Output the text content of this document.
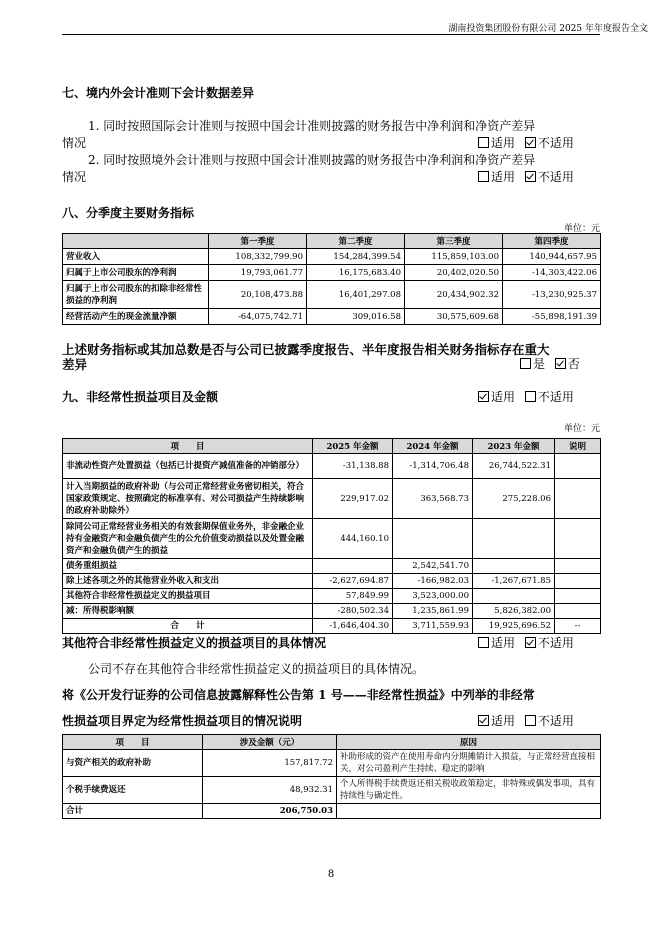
湖南投资集团股份有限公司 2025 年年度报告全文
七、境内外会计准则下会计数据差异
1. 同时按照国际会计准则与按照中国会计准则披露的财务报告中净利润和净资产差异
情况	适用 不适用
2. 同时按照境外会计准则与按照中国会计准则披露的财务报告中净利润和净资产差异
情况	适用 不适用
八、分季度主要财务指标
单位：元
	第一季度	第二季度	第三季度	第四季度
营业收入	108,332,799.90	154,284,399.54	115,859,103.00	140,944,657.95
归属于上市公司股东的净利润	19,793,061.77	16,175,683.40	20,402,020.50	-14,303,422.06
归属于上市公司股东的扣除非经常性损益的净利润	20,108,473.88	16,401,297.08	20,434,902.32	-13,230,925.37
经营活动产生的现金流量净额	-64,075,742.71	309,016.58	30,575,609.68	-55,898,191.39
上述财务指标或其加总数是否与公司已披露季度报告、半年度报告相关财务指标存在重大
差异	是 否
九、非经常性损益项目及金额	适用 不适用
单位：元
项　　目	2025 年金额	2024 年金额	2023 年金额	说明
非流动性资产处置损益（包括已计提资产减值准备的冲销部分）	-31,138.88	-1,314,706.48	26,744,522.31	
计入当期损益的政府补助（与公司正常经营业务密切相关，符合国家政策规定、按照确定的标准享有、对公司损益产生持续影响的政府补助除外）	229,917.02	363,568.73	275,228.06	
除同公司正常经营业务相关的有效套期保值业务外，非金融企业持有金融资产和金融负债产生的公允价值变动损益以及处置金融资产和金融负债产生的损益	444,160.10			
债务重组损益		2,542,541.70		
除上述各项之外的其他营业外收入和支出	-2,627,694.87	-166,982.03	-1,267,671.85	
其他符合非经常性损益定义的损益项目	57,849.99	3,523,000.00		
减：所得税影响额	-280,502.34	1,235,861.99	5,826,382.00	
合　　计	-1,646,404.30	3,711,559.93	19,925,696.52	--
其他符合非经常性损益定义的损益项目的具体情况	适用 不适用
公司不存在其他符合非经常性损益定义的损益项目的具体情况。
将《公开发行证券的公司信息披露解释性公告第 1 号——非经常性损益》中列举的非经常
性损益项目界定为经常性损益项目的情况说明	适用 不适用
项　　目	涉及金额（元）	原因
与资产相关的政府补助	157,817.72	补助形成的资产在使用寿命内分期摊销计入损益，与正常经营直接相关，对公司盈利产生持续、稳定的影响
个税手续费返还	48,932.31	个人所得税手续费返还相关税收政策稳定，非特殊或偶发事项，具有持续性与确定性。
合计	206,750.03	
8
